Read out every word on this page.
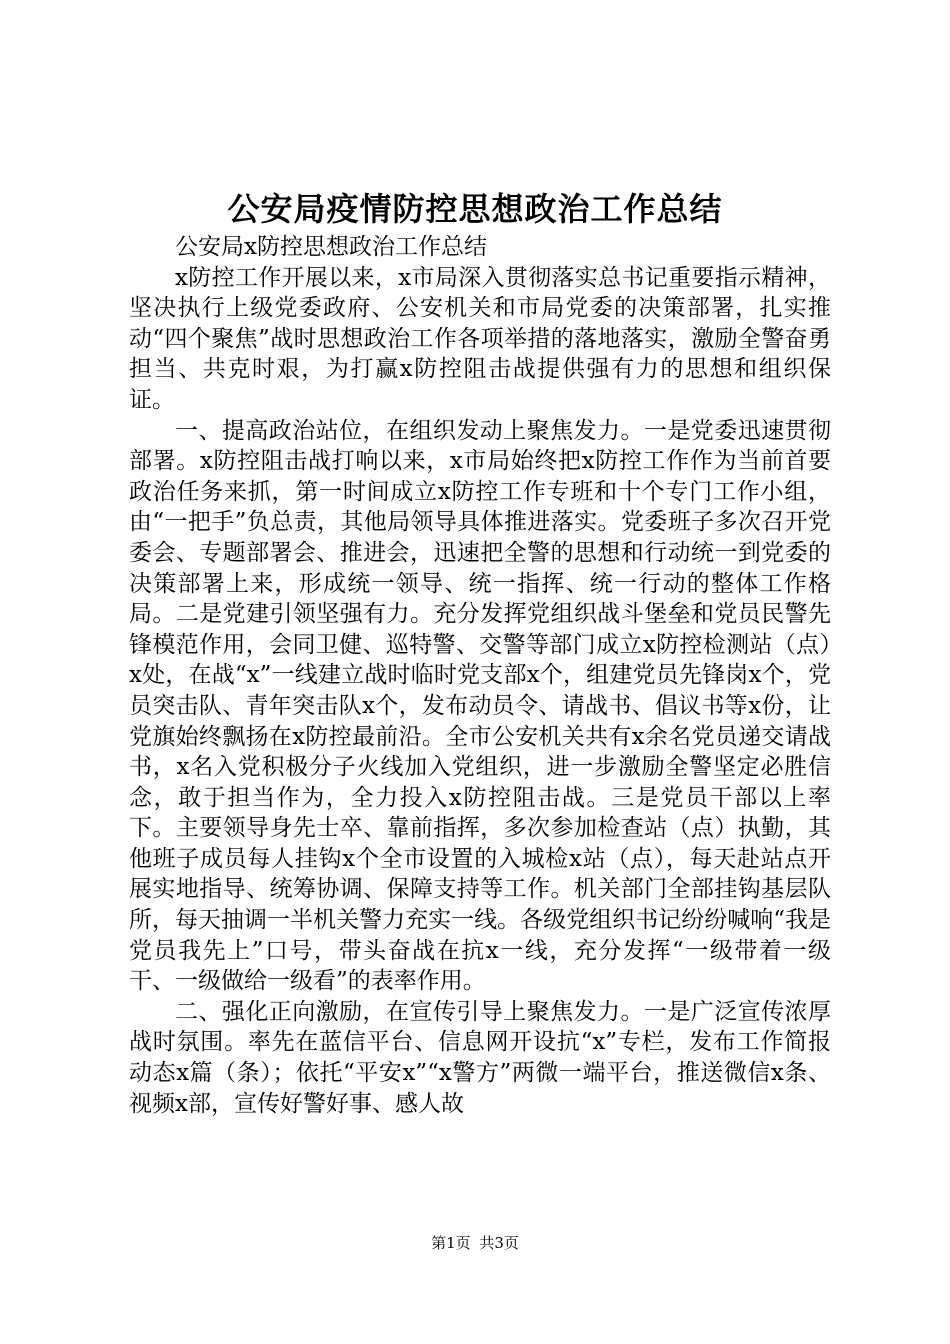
公安局疫情防控思想政治工作总结

公安局x防控思想政治工作总结

x防控工作开展以来，x市局深入贯彻落实总书记重要指示精神，坚决执行上级党委政府、公安机关和市局党委的决策部署，扎实推动“四个聚焦”战时思想政治工作各项举措的落地落实，激励全警奋勇担当、共克时艰，为打赢x防控阻击战提供强有力的思想和组织保证。

一、提高政治站位，在组织发动上聚焦发力。一是党委迅速贯彻部署。x防控阻击战打响以来，x市局始终把x防控工作作为当前首要政治任务来抓，第一时间成立x防控工作专班和十个专门工作小组，由“一把手”负总责，其他局领导具体推进落实。党委班子多次召开党委会、专题部署会、推进会，迅速把全警的思想和行动统一到党委的决策部署上来，形成统一领导、统一指挥、统一行动的整体工作格局。二是党建引领坚强有力。充分发挥党组织战斗堡垒和党员民警先锋模范作用，会同卫健、巡特警、交警等部门成立x防控检测站（点）x处，在战“x”一线建立战时临时党支部x个，组建党员先锋岗x个，党员突击队、青年突击队x个，发布动员令、请战书、倡议书等x份，让党旗始终飘扬在x防控最前沿。全市公安机关共有x余名党员递交请战书，x名入党积极分子火线加入党组织，进一步激励全警坚定必胜信念，敢于担当作为，全力投入x防控阻击战。三是党员干部以上率下。主要领导身先士卒、靠前指挥，多次参加检查站（点）执勤，其他班子成员每人挂钩x个全市设置的入城检x站（点），每天赴站点开展实地指导、统筹协调、保障支持等工作。机关部门全部挂钩基层队所，每天抽调一半机关警力充实一线。各级党组织书记纷纷喊响“我是党员我先上”口号，带头奋战在抗x一线，充分发挥“一级带着一级干、一级做给一级看”的表率作用。

二、强化正向激励，在宣传引导上聚焦发力。一是广泛宣传浓厚战时氛围。率先在蓝信平台、信息网开设抗“x”专栏，发布工作简报动态x篇（条）；依托“平安x”“x警方”两微一端平台，推送微信x条、视频x部，宣传好警好事、感人故

第1页 共3页
